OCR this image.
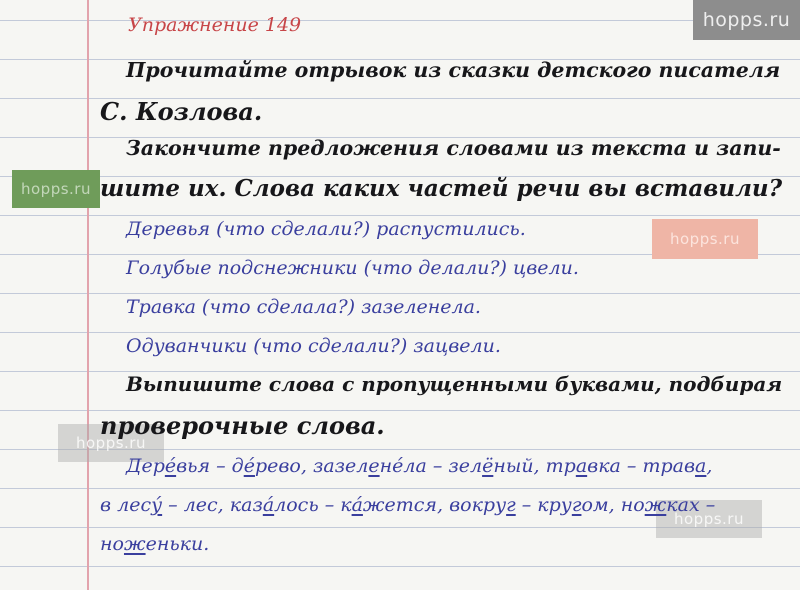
hopps.ru
hopps.ru
hopps.ru
hopps.ru
hopps.ru
Упражнение 149
Прочитайте отрывок из сказки детского писателя
С. Козлова.
Закончите предложения словами из текста и запи-
шите их. Слова каких частей речи вы вставили?
Деревья (что сделали?) распустились.
Голубые подснежники (что делали?) цвели.
Травка (что сделала?) зазеленела.
Одуванчики (что сделали?) зацвели.
Выпишите слова с пропущенными буквами, подбирая
проверочные слова.
Дере́вья – де́рево, зазелене́ла – зелёный, травка – трава,
в лесу́ – лес, каза́лось – ка́жется, вокруг – кругом, ножках –
ноженьки.
